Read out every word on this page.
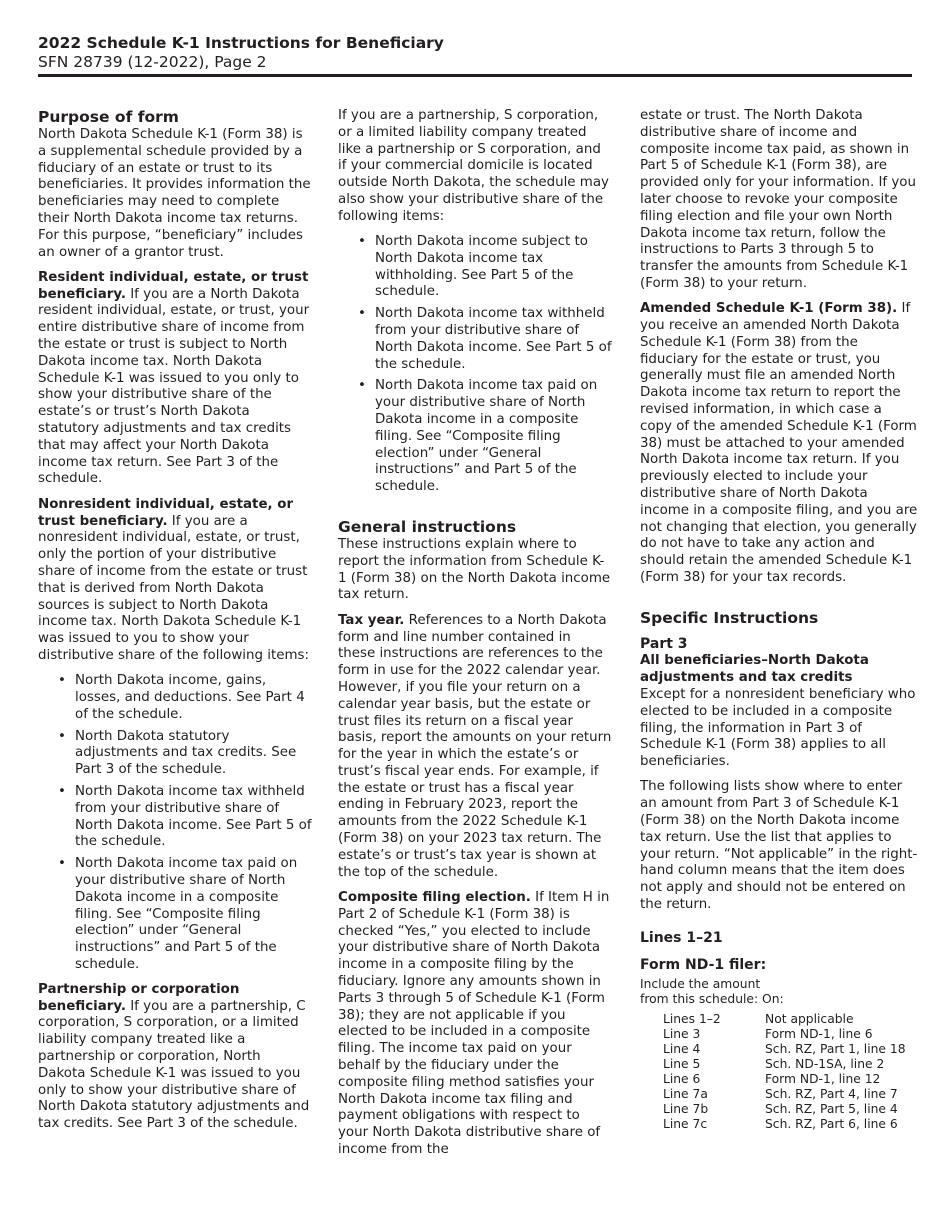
2022 Schedule K-1 Instructions for Beneficiary
SFN 28739 (12-2022), Page 2
Purpose of form

North Dakota Schedule K-1 (Form 38) is a supplemental schedule provided by a fiduciary of an estate or trust to its beneficiaries. It provides information the beneficiaries may need to complete their North Dakota income tax returns. For this purpose, “beneficiary” includes an owner of a grantor trust.

Resident individual, estate, or trust beneficiary. If you are a North Dakota resident individual, estate, or trust, your entire distributive share of income from the estate or trust is subject to North Dakota income tax. North Dakota Schedule K-1 was issued to you only to show your distributive share of the estate’s or trust’s North Dakota statutory adjustments and tax credits that may affect your North Dakota income tax return. See Part 3 of the schedule.

Nonresident individual, estate, or trust beneficiary. If you are a nonresident individual, estate, or trust, only the portion of your distributive share of income from the estate or trust that is derived from North Dakota sources is subject to North Dakota income tax. North Dakota Schedule K-1 was issued to you to show your distributive share of the following items:

• North Dakota income, gains, losses, and deductions. See Part 4 of the schedule.
• North Dakota statutory adjustments and tax credits. See Part 3 of the schedule.
• North Dakota income tax withheld from your distributive share of North Dakota income. See Part 5 of the schedule.
• North Dakota income tax paid on your distributive share of North Dakota income in a composite filing. See “Composite filing election” under “General instructions” and Part 5 of the schedule.

Partnership or corporation beneficiary. If you are a partnership, C corporation, S corporation, or a limited liability company treated like a partnership or corporation, North Dakota Schedule K-1 was issued to you only to show your distributive share of North Dakota statutory adjustments and tax credits. See Part 3 of the schedule.

If you are a partnership, S corporation, or a limited liability company treated like a partnership or S corporation, and if your commercial domicile is located outside North Dakota, the schedule may also show your distributive share of the following items:

• North Dakota income subject to North Dakota income tax withholding. See Part 5 of the schedule.
• North Dakota income tax withheld from your distributive share of North Dakota income. See Part 5 of the schedule.
• North Dakota income tax paid on your distributive share of North Dakota income in a composite filing. See “Composite filing election” under “General instructions” and Part 5 of the schedule.
General instructions

These instructions explain where to report the information from Schedule K-1 (Form 38) on the North Dakota income tax return.

Tax year. References to a North Dakota form and line number contained in these instructions are references to the form in use for the 2022 calendar year. However, if you file your return on a calendar year basis, but the estate or trust files its return on a fiscal year basis, report the amounts on your return for the year in which the estate’s or trust’s fiscal year ends. For example, if the estate or trust has a fiscal year ending in February 2023, report the amounts from the 2022 Schedule K-1 (Form 38) on your 2023 tax return. The estate’s or trust’s tax year is shown at the top of the schedule.

Composite filing election. If Item H in Part 2 of Schedule K-1 (Form 38) is checked “Yes,” you elected to include your distributive share of North Dakota income in a composite filing by the fiduciary. Ignore any amounts shown in Parts 3 through 5 of Schedule K-1 (Form 38); they are not applicable if you elected to be included in a composite filing. The income tax paid on your behalf by the fiduciary under the composite filing method satisfies your North Dakota income tax filing and payment obligations with respect to your North Dakota distributive share of income from the

estate or trust. The North Dakota distributive share of income and composite income tax paid, as shown in Part 5 of Schedule K-1 (Form 38), are provided only for your information. If you later choose to revoke your composite filing election and file your own North Dakota income tax return, follow the instructions to Parts 3 through 5 to transfer the amounts from Schedule K-1 (Form 38) to your return.

Amended Schedule K-1 (Form 38). If you receive an amended North Dakota Schedule K-1 (Form 38) from the fiduciary for the estate or trust, you generally must file an amended North Dakota income tax return to report the revised information, in which case a copy of the amended Schedule K-1 (Form 38) must be attached to your amended North Dakota income tax return. If you previously elected to include your distributive share of North Dakota income in a composite filing, and you are not changing that election, you generally do not have to take any action and should retain the amended Schedule K-1 (Form 38) for your tax records.

Specific Instructions
Part 3
All beneficiaries–North Dakota adjustments and tax credits

Except for a nonresident beneficiary who elected to be included in a composite filing, the information in Part 3 of Schedule K-1 (Form 38) applies to all beneficiaries.

The following lists show where to enter an amount from Part 3 of Schedule K-1 (Form 38) on the North Dakota income tax return. Use the list that applies to your return. “Not applicable” in the right-hand column means that the item does not apply and should not be entered on the return.

Lines 1–21
Form ND-1 filer:
Include the amount
from this schedule: On:
Lines 1–2	Not applicable
Line 3	Form ND-1, line 6
Line 4	Sch. RZ, Part 1, line 18
Line 5	Sch. ND-1SA, line 2
Line 6	Form ND-1, line 12
Line 7a	Sch. RZ, Part 4, line 7
Line 7b	Sch. RZ, Part 5, line 4
Line 7c	Sch. RZ, Part 6, line 6
